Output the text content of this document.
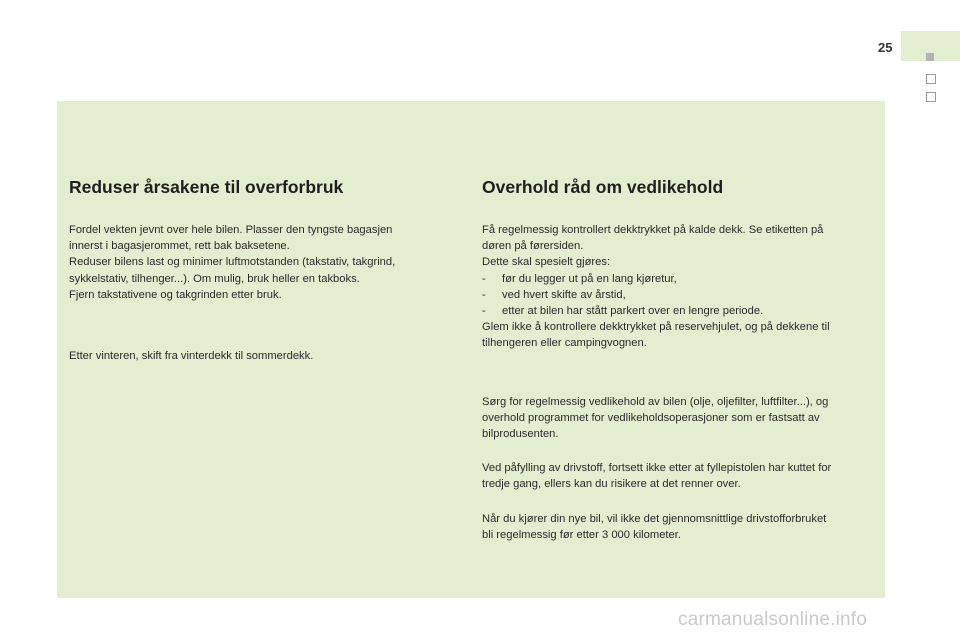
25
Reduser årsakene til overforbruk

Fordel vekten jevnt over hele bilen. Plasser den tyngste bagasjen
innerst i bagasjerommet, rett bak baksetene.
Reduser bilens last og minimer luftmotstanden (takstativ, takgrind,
sykkelstativ, tilhenger...). Om mulig, bruk heller en takboks.
Fjern takstativene og takgrinden etter bruk.

Etter vinteren, skift fra vinterdekk til sommerdekk.

Overhold råd om vedlikehold

Få regelmessig kontrollert dekktrykket på kalde dekk. Se etiketten på
døren på førersiden.
Dette skal spesielt gjøres:

- før du legger ut på en lang kjøretur,
- ved hvert skifte av årstid,
- etter at bilen har stått parkert over en lengre periode.

Glem ikke å kontrollere dekktrykket på reservehjulet, og på dekkene til
tilhengeren eller campingvognen.

Sørg for regelmessig vedlikehold av bilen (olje, oljefilter, luftfilter...), og
overhold programmet for vedlikeholdsoperasjoner som er fastsatt av
bilprodusenten.

Ved påfylling av drivstoff, fortsett ikke etter at fyllepistolen har kuttet for
tredje gang, ellers kan du risikere at det renner over.

Når du kjører din nye bil, vil ikke det gjennomsnittlige drivstofforbruket
bli regelmessig før etter 3 000 kilometer.

carmanualsonline.info
